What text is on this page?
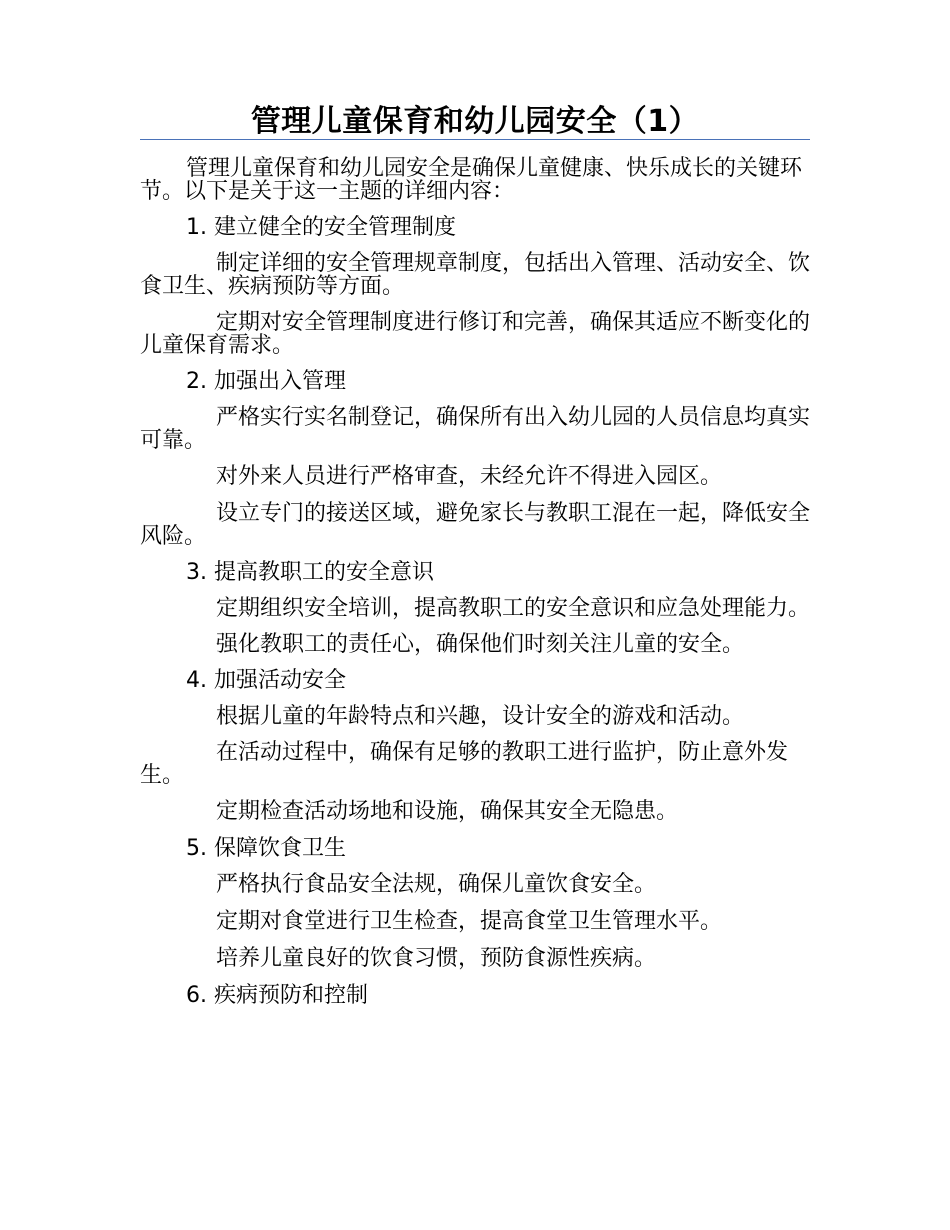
管理儿童保育和幼儿园安全（1）

管理儿童保育和幼儿园安全是确保儿童健康、快乐成长的关键环节。以下是关于这一主题的详细内容：

1. 建立健全的安全管理制度

制定详细的安全管理规章制度，包括出入管理、活动安全、饮食卫生、疾病预防等方面。

定期对安全管理制度进行修订和完善，确保其适应不断变化的儿童保育需求。

2. 加强出入管理

严格实行实名制登记，确保所有出入幼儿园的人员信息均真实可靠。

对外来人员进行严格审查，未经允许不得进入园区。

设立专门的接送区域，避免家长与教职工混在一起，降低安全风险。

3. 提高教职工的安全意识

定期组织安全培训，提高教职工的安全意识和应急处理能力。

强化教职工的责任心，确保他们时刻关注儿童的安全。

4. 加强活动安全

根据儿童的年龄特点和兴趣，设计安全的游戏和活动。

在活动过程中，确保有足够的教职工进行监护，防止意外发生。

定期检查活动场地和设施，确保其安全无隐患。

5. 保障饮食卫生

严格执行食品安全法规，确保儿童饮食安全。

定期对食堂进行卫生检查，提高食堂卫生管理水平。

培养儿童良好的饮食习惯，预防食源性疾病。

6. 疾病预防和控制
